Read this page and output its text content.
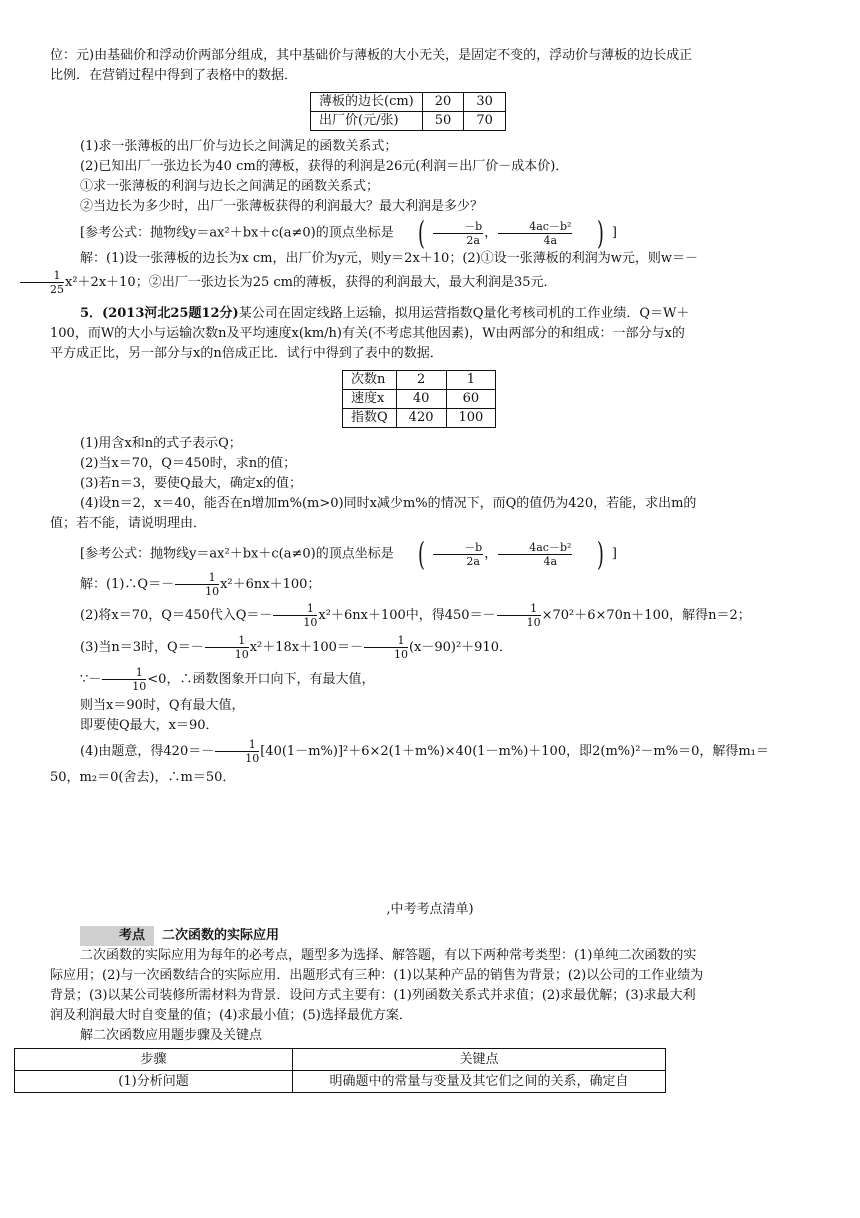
位：元)由基础价和浮动价两部分组成，其中基础价与薄板的大小无关，是固定不变的，浮动价与薄板的边长成正

比例．在营销过程中得到了表格中的数据．

薄板的边长(cm)	20	30
出厂价(元/张)	50	70

(1)求一张薄板的出厂价与边长之间满足的函数关系式；

(2)已知出厂一张边长为40 cm的薄板，获得的利润是26元(利润＝出厂价－成本价)．

①求一张薄板的利润与边长之间满足的函数关系式；

②当边长为多少时，出厂一张薄板获得的利润最大？最大利润是多少？

[参考公式：抛物线y＝ax²＋bx＋c(a≠0)的顶点坐标是 ( $\frac{-b}{2a}$ ， $\frac{\text{4ac－b²}}{4a}$ ) ]

解：(1)设一张薄板的边长为x cm，出厂价为y元，则y＝2x＋10；(2)①设一张薄板的利润为w元，则w＝－

$\frac{1}{25} x^2+2x+10$；②出厂一张边长为25 cm的薄板，获得的利润最大，最大利润是35元．

5．(2013河北25题12分)某公司在固定线路上运输，拟用运营指数Q量化考核司机的工作业绩．Q＝W＋

100，而W的大小与运输次数n及平均速度x(km/h)有关(不考虑其他因素)，W由两部分的和组成：一部分与x的

平方成正比，另一部分与x的n倍成正比．试行中得到了表中的数据．

次数n	2	1
速度x	40	60
指数Q	420	100

(1)用含x和n的式子表示Q；

(2)当x＝70，Q＝450时，求n的值；

(3)若n＝3，要使Q最大，确定x的值；

(4)设n＝2，x＝40，能否在n增加m%(m>0)同时x减少m%的情况下，而Q的值仍为420，若能，求出m的

值；若不能，请说明理由．

[参考公式：抛物线y＝ax²＋bx＋c(a≠0)的顶点坐标是 ( $\frac{-b}{2a}$ ， $\frac{\text{4ac－b²}}{4a}$ ) ]

解：(1)∴Q＝－ $\frac{1}{10} x^2+6nx+100$；

(2)将x＝70，Q＝450代入$Q=- \frac{1}{10} x^2+6nx+100$中，得$450=- \frac{1}{10} \times 70^2+6\times 70n+100$，解得n＝2；

(3)当n＝3时，$Q=- \frac{1}{10} x^2+18x+100=- \frac{1}{10} (x-90)^2+910$．

∵－ $\frac{1}{10} <0$，∴函数图象开口向下，有最大值，

则当x＝90时，Q有最大值，

即要使Q最大，x＝90．

(4)由题意，得$420=- \frac{1}{10} [40(1-m\%)]^2+6\times 2(1+m\%)\times 40(1-m\%)+100$，即2(m%)²－m%＝0，解得m₁＝

50，m₂＝0(舍去)，∴m＝50．

,中考考点清单)

考点 二次函数的实际应用

二次函数的实际应用为每年的必考点，题型多为选择、解答题，有以下两种常考类型：(1)单纯二次函数的实

际应用；(2)与一次函数结合的实际应用．出题形式有三种：(1)以某种产品的销售为背景；(2)以公司的工作业绩为

背景；(3)以某公司装修所需材料为背景．设问方式主要有：(1)列函数关系式并求值；(2)求最优解；(3)求最大利

润及利润最大时自变量的值；(4)求最小值；(5)选择最优方案．

解二次函数应用题步骤及关键点

步骤	关键点
(1)分析问题	明确题中的常量与变量及其它们之间的关系，确定自
